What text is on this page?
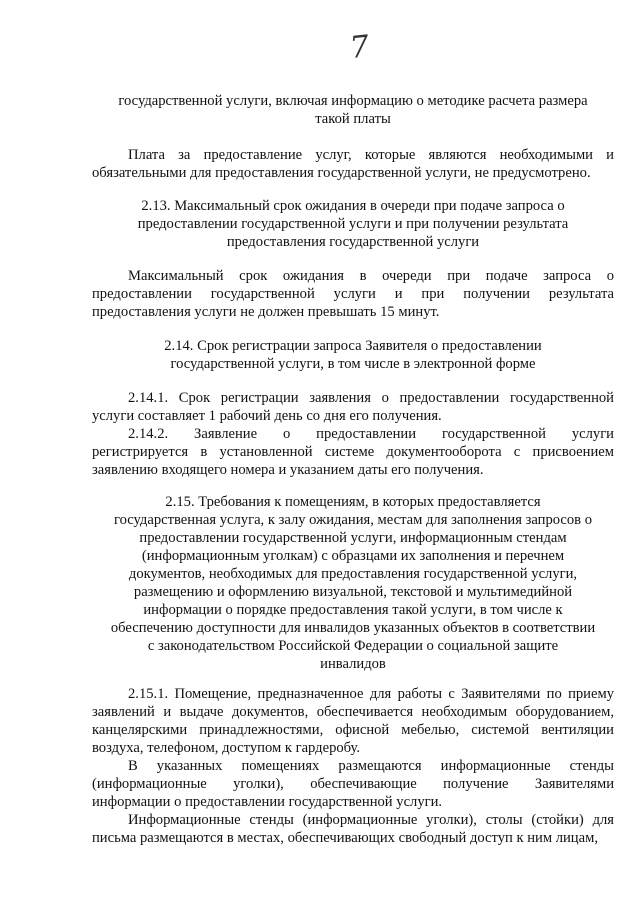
7
государственной услуги, включая информацию о методике расчета размера
такой платы
Плата за предоставление услуг, которые являются необходимыми и
обязательными для предоставления государственной услуги, не предусмотрено.
2.13. Максимальный срок ожидания в очереди при подаче запроса о
предоставлении государственной услуги и при получении результата
предоставления государственной услуги
Максимальный срок ожидания в очереди при подаче запроса о
предоставлении государственной услуги и при получении результата
предоставления услуги не должен превышать 15 минут.
2.14. Срок регистрации запроса Заявителя о предоставлении
государственной услуги, в том числе в электронной форме
2.14.1. Срок регистрации заявления о предоставлении государственной
услуги составляет 1 рабочий день со дня его получения.
2.14.2. Заявление о предоставлении государственной услуги
регистрируется в установленной системе документооборота с присвоением
заявлению входящего номера и указанием даты его получения.
2.15. Требования к помещениям, в которых предоставляется
государственная услуга, к залу ожидания, местам для заполнения запросов о
предоставлении государственной услуги, информационным стендам
(информационным уголкам) с образцами их заполнения и перечнем
документов, необходимых для предоставления государственной услуги,
размещению и оформлению визуальной, текстовой и мультимедийной
информации о порядке предоставления такой услуги, в том числе к
обеспечению доступности для инвалидов указанных объектов в соответствии
с законодательством Российской Федерации о социальной защите
инвалидов
2.15.1. Помещение, предназначенное для работы с Заявителями по приему
заявлений и выдаче документов, обеспечивается необходимым оборудованием,
канцелярскими принадлежностями, офисной мебелью, системой вентиляции
воздуха, телефоном, доступом к гардеробу.
В указанных помещениях размещаются информационные стенды
(информационные уголки), обеспечивающие получение Заявителями
информации о предоставлении государственной услуги.
Информационные стенды (информационные уголки), столы (стойки) для
письма размещаются в местах, обеспечивающих свободный доступ к ним лицам,
